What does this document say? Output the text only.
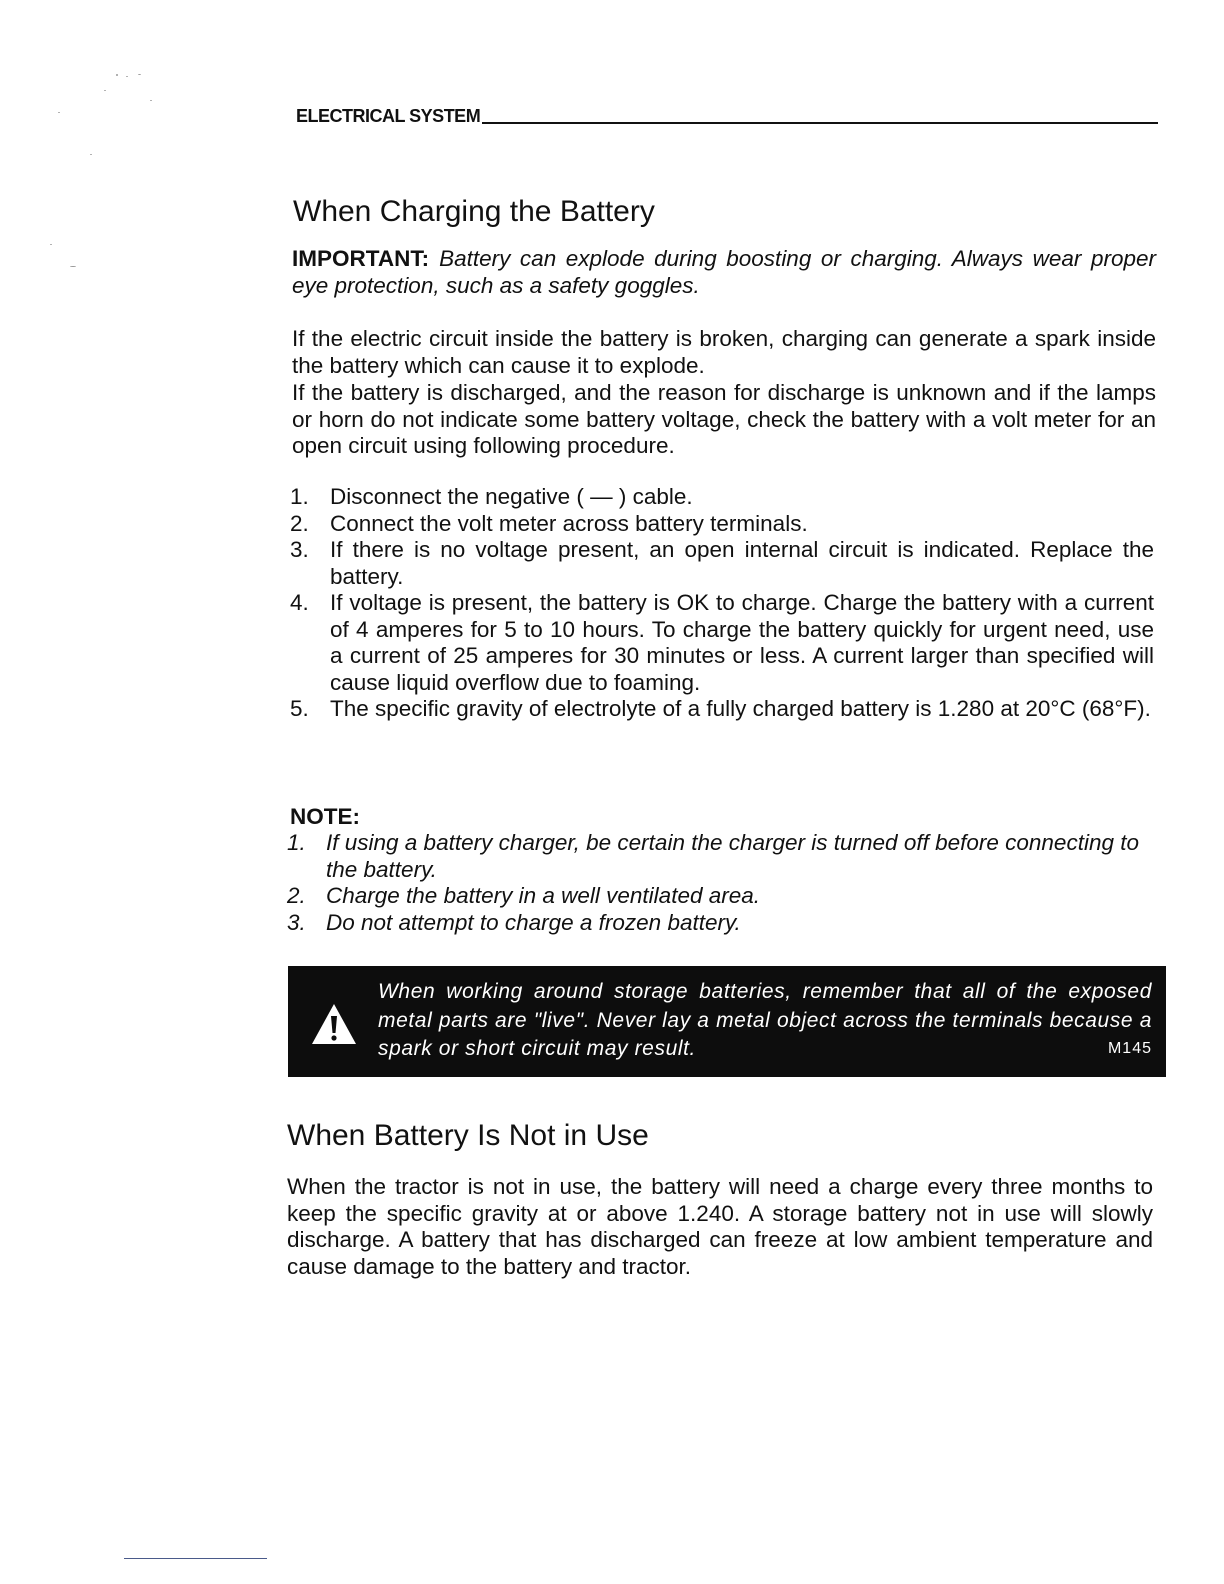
ELECTRICAL SYSTEM
When Charging the Battery

IMPORTANT: Battery can explode during boosting or charging. Always wear proper eye protection, such as a safety goggles.

If the electric circuit inside the battery is broken, charging can generate a spark inside the battery which can cause it to explode.

If the battery is discharged, and the reason for discharge is unknown and if the lamps or horn do not indicate some battery voltage, check the battery with a volt meter for an open circuit using following procedure.

1. Disconnect the negative ( — ) cable.
2. Connect the volt meter across battery terminals.
3. If there is no voltage present, an open internal circuit is indicated. Replace the battery.
4. If voltage is present, the battery is OK to charge. Charge the battery with a current of 4 amperes for 5 to 10 hours. To charge the battery quickly for urgent need, use a current of 25 amperes for 30 minutes or less. A current larger than specified will cause liquid overflow due to foaming.
5. The specific gravity of electrolyte of a fully charged battery is 1.280 at 20°C (68°F).
NOTE:
1. If using a battery charger, be certain the charger is turned off before connecting to the battery.
2. Charge the battery in a well ventilated area.
3. Do not attempt to charge a frozen battery.
When working around storage batteries, remember that all of the exposed metal parts are "live". Never lay a metal object across the terminals because a spark or short circuit may result.	M145
When Battery Is Not in Use

When the tractor is not in use, the battery will need a charge every three months to keep the specific gravity at or above 1.240. A storage battery not in use will slowly discharge. A battery that has discharged can freeze at low ambient temperature and cause damage to the battery and tractor.
